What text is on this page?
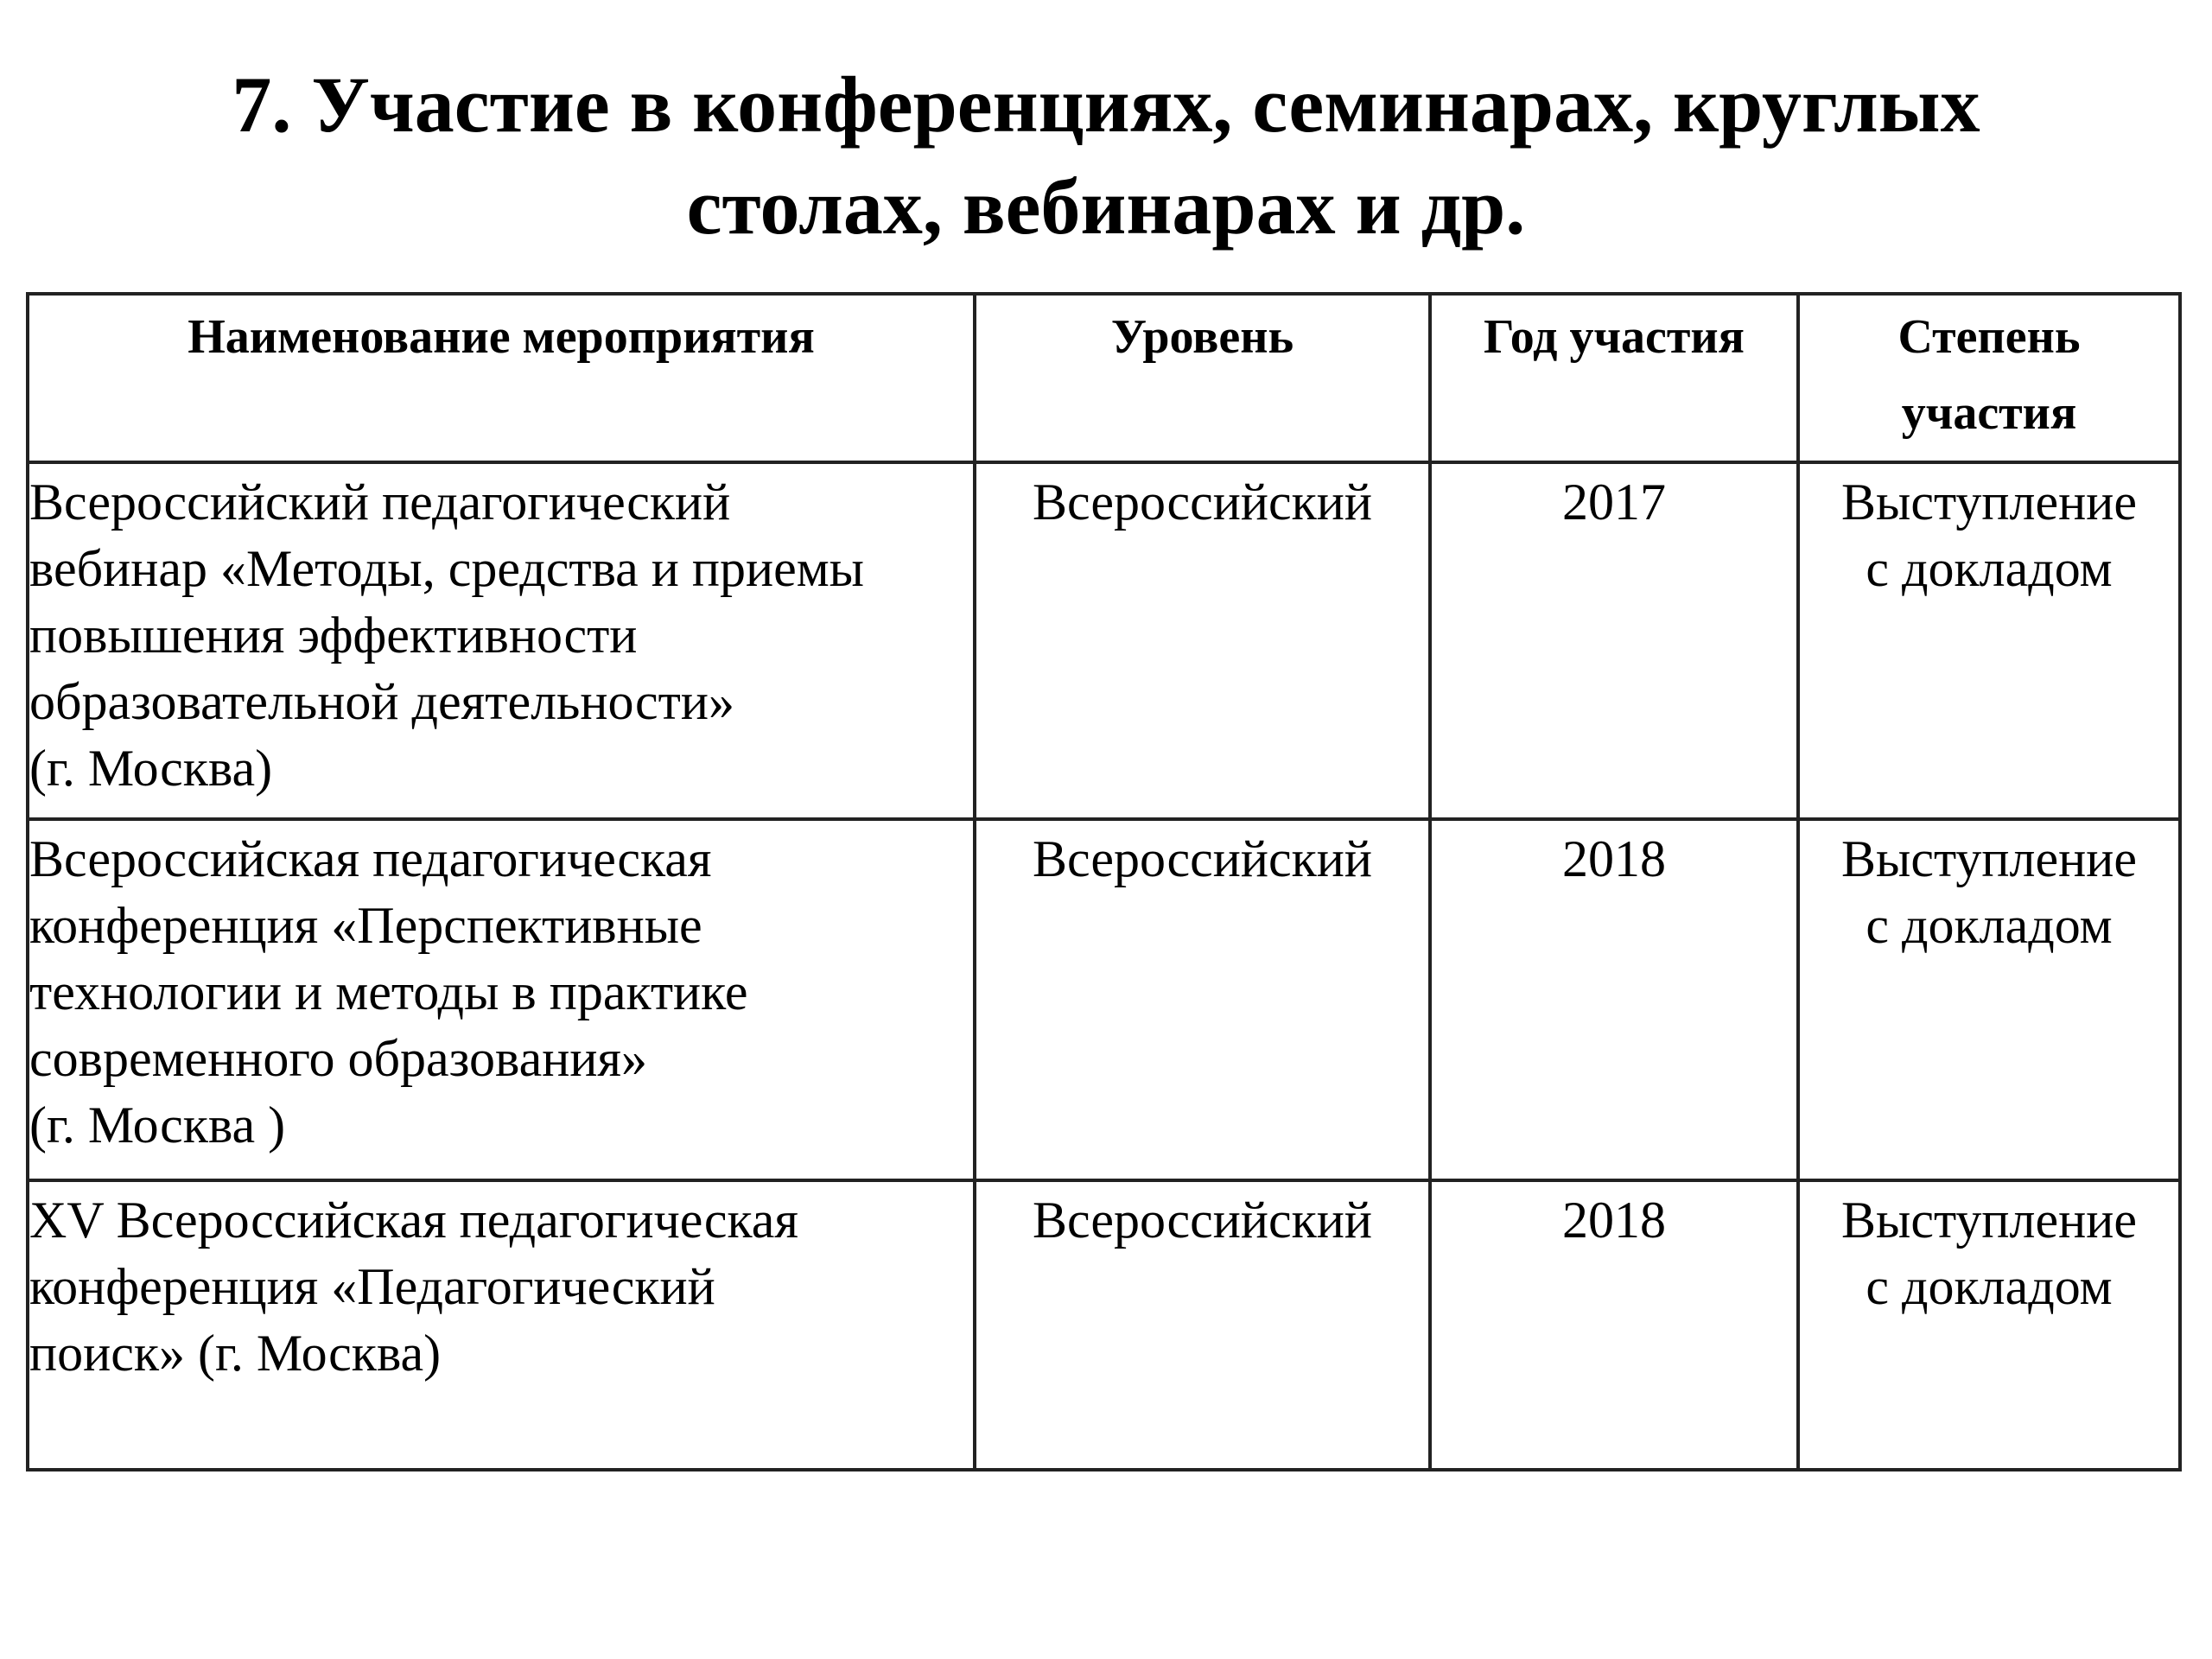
7. Участие в конференциях, семинарах, круглых
столах, вебинарах и др.
Наименование мероприятия	Уровень	Год участия	Степень
участия

Всероссийский педагогический
вебинар «Методы, средства и приемы
повышения эффективности
образовательной деятельности»
(г. Москва)	Всероссийский	2017	Выступление
с докладом

Всероссийская педагогическая
конференция «Перспективные
технологии и методы в практике
современного образования»
(г. Москва )	Всероссийский	2018	Выступление
с докладом

XV Всероссийская педагогическая
конференция «Педагогический
поиск» (г. Москва)	Всероссийский	2018	Выступление
с докладом
